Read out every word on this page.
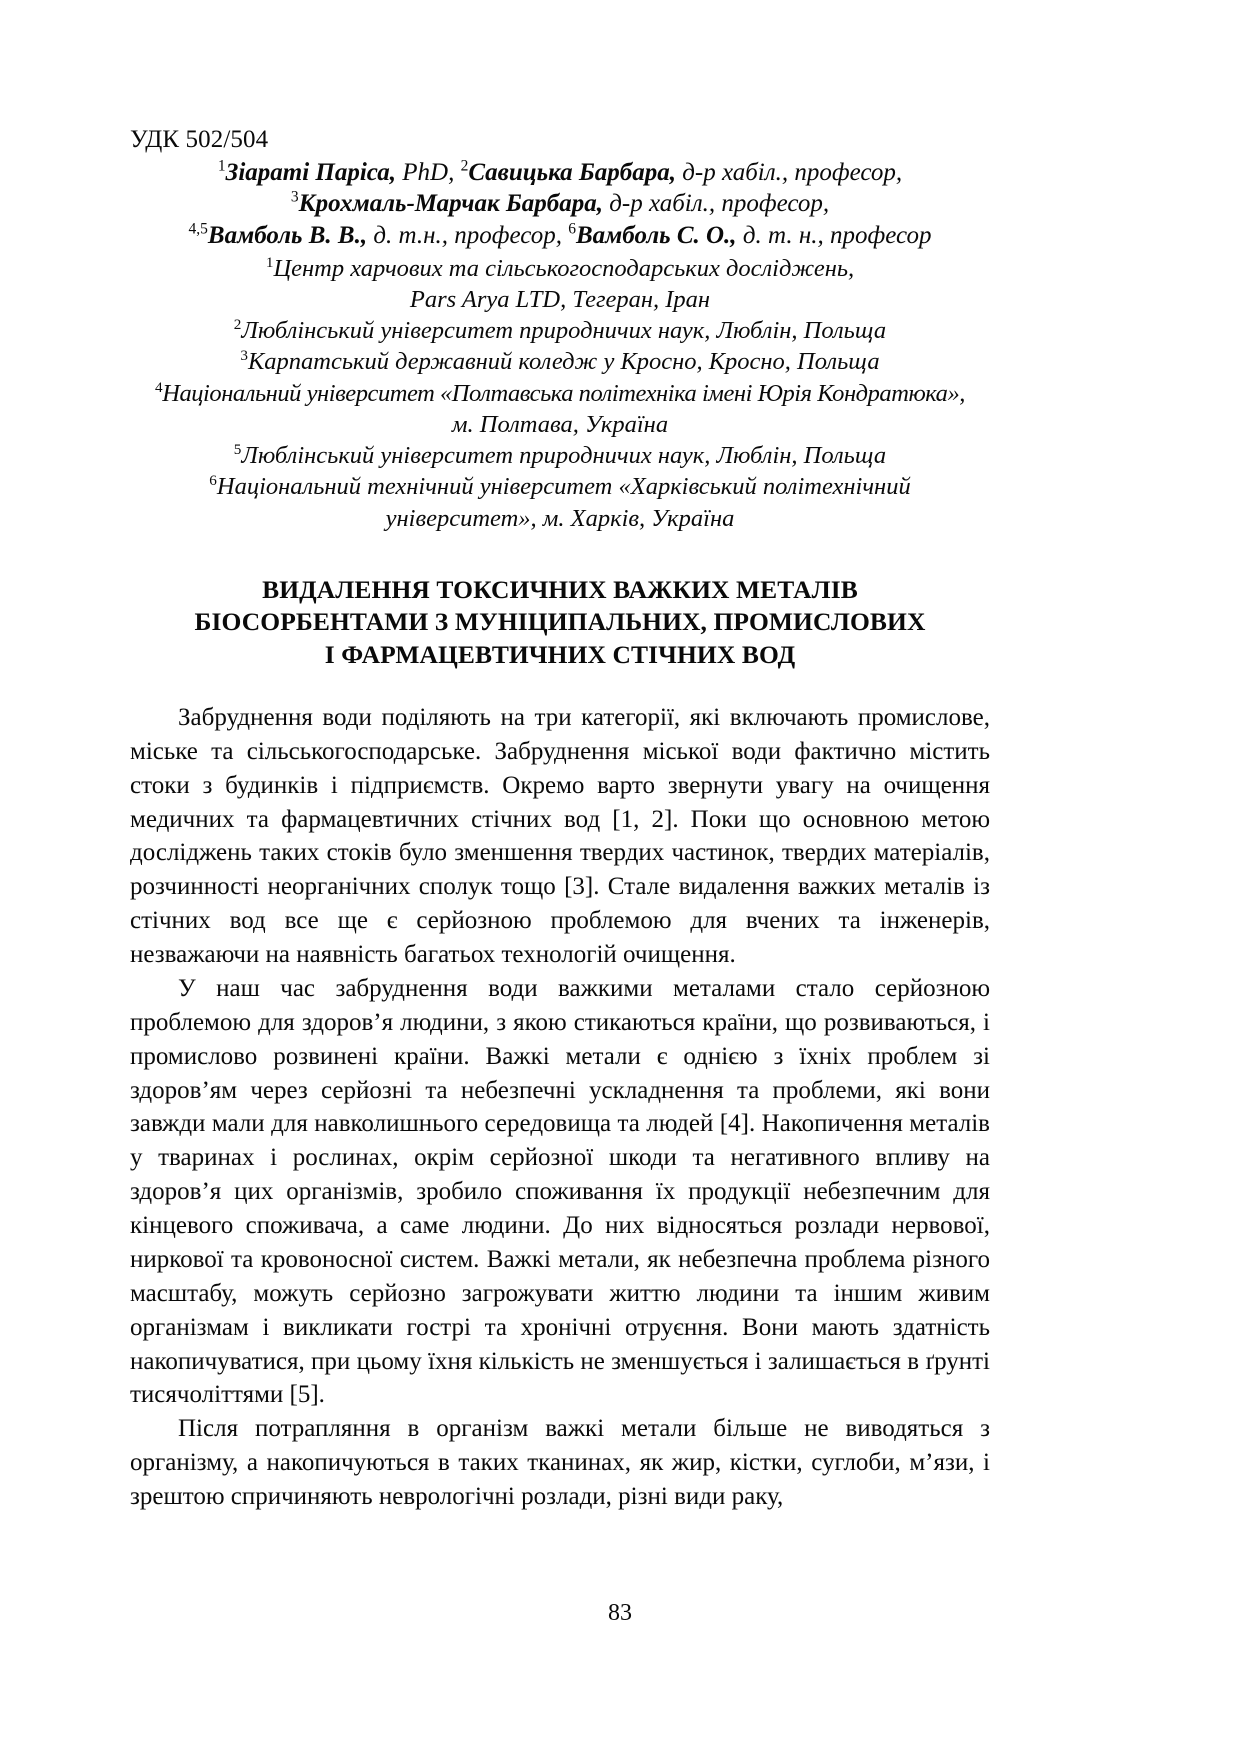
УДК 502/504
$^1$Зіараті Паріса, PhD, $^2$Савицька Барбара, д-р хабіл., професор,
$^3$Крохмаль-Марчак Барбара, д-р хабіл., професор,
$^{4,5}$Вамболь В. В., д. т.н., професор, $^6$Вамболь С. О., д. т. н., професор
$^1$Центр харчових та сільськогосподарських досліджень,
Pars Arya LTD, Тегеран, Іран
$^2$Люблінський університет природничих наук, Люблін, Польща
$^3$Карпатський державний коледж у Кросно, Кросно, Польща
$^4$Національний університет «Полтавська політехніка імені Юрія Кондратюка»,
м. Полтава, Україна
$^5$Люблінський університет природничих наук, Люблін, Польща
$^6$Національний технічний університет «Харківський політехнічний
університет», м. Харків, Україна
ВИДАЛЕННЯ ТОКСИЧНИХ ВАЖКИХ МЕТАЛІВ
БІОСОРБЕНТАМИ З МУНІЦИПАЛЬНИХ, ПРОМИСЛОВИХ
І ФАРМАЦЕВТИЧНИХ СТІЧНИХ ВОД

Забруднення води поділяють на три категорії, які включають промислове, міське та сільськогосподарське. Забруднення міської води фактично містить стоки з будинків і підприємств. Окремо варто звернути увагу на очищення медичних та фармацевтичних стічних вод [1, 2]. Поки що основною метою досліджень таких стоків було зменшення твердих частинок, твердих матеріалів, розчинності неорганічних сполук тощо [3]. Стале видалення важких металів із стічних вод все ще є серйозною проблемою для вчених та інженерів, незважаючи на наявність багатьох технологій очищення.

У наш час забруднення води важкими металами стало серйозною проблемою для здоров’я людини, з якою стикаються країни, що розвиваються, і промислово розвинені країни. Важкі метали є однією з їхніх проблем зі здоров’ям через серйозні та небезпечні ускладнення та проблеми, які вони завжди мали для навколишнього середовища та людей [4]. Накопичення металів у тваринах і рослинах, окрім серйозної шкоди та негативного впливу на здоров’я цих організмів, зробило споживання їх продукції небезпечним для кінцевого споживача, а саме людини. До них відносяться розлади нервової, ниркової та кровоносної систем. Важкі метали, як небезпечна проблема різного масштабу, можуть серйозно загрожувати життю людини та іншим живим організмам і викликати гострі та хронічні отруєння. Вони мають здатність накопичуватися, при цьому їхня кількість не зменшується і залишається в ґрунті тисячоліттями [5].

Після потрапляння в організм важкі метали більше не виводяться з організму, а накопичуються в таких тканинах, як жир, кістки, суглоби, м’язи, і зрештою спричиняють неврологічні розлади, різні види раку,

83
